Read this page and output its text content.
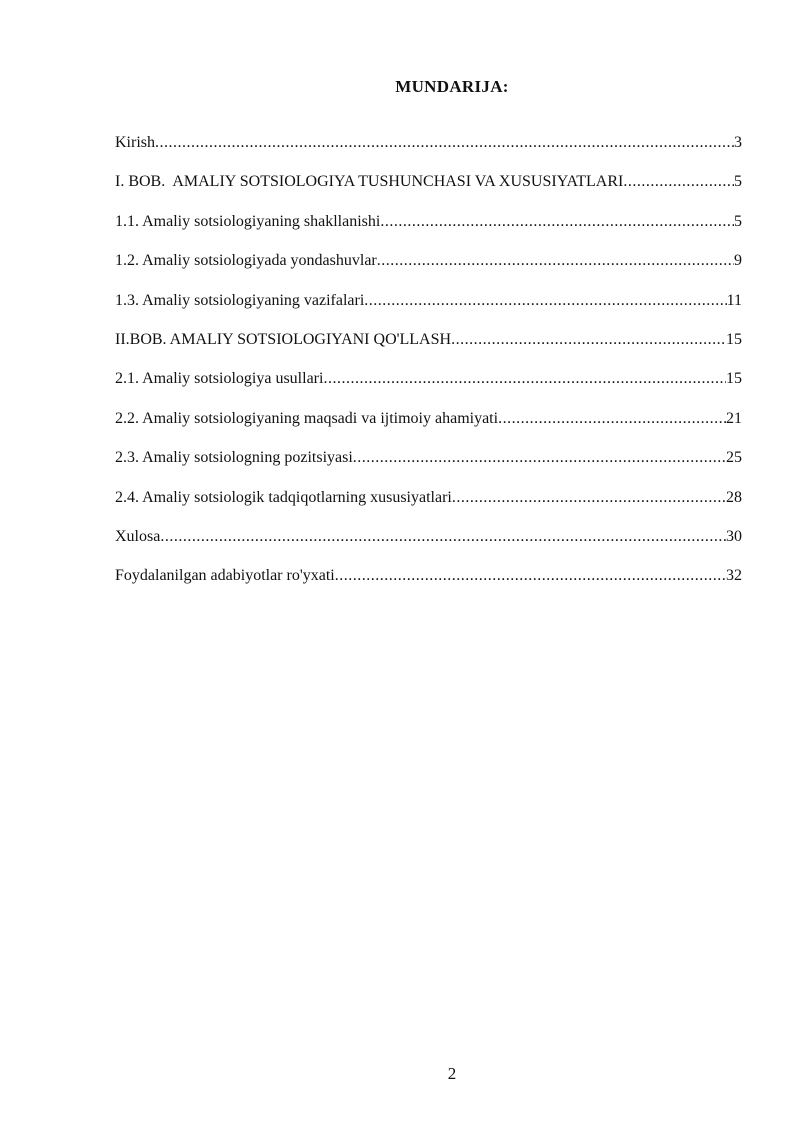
MUNDARIJA:
Kirish .....	3
I. BOB.  AMALIY SOTSIOLOGIYA TUSHUNCHASI VA XUSUSIYATLARI .....	5
1.1. Amaliy sotsiologiyaning shakllanishi .....	5
1.2. Amaliy sotsiologiyada yondashuvlar .....	9
1.3. Amaliy sotsiologiyaning vazifalari .....	11
II.BOB. AMALIY SOTSIOLOGIYANI QO'LLASH .....	15
2.1. Amaliy sotsiologiya usullari .....	15
2.2. Amaliy sotsiologiyaning maqsadi va ijtimoiy ahamiyati .....	21
2.3. Amaliy sotsiologning pozitsiyasi .....	25
2.4. Amaliy sotsiologik tadqiqotlarning xususiyatlari .....	28
Xulosa .....	30
Foydalanilgan adabiyotlar ro'yxati .....	32
2
